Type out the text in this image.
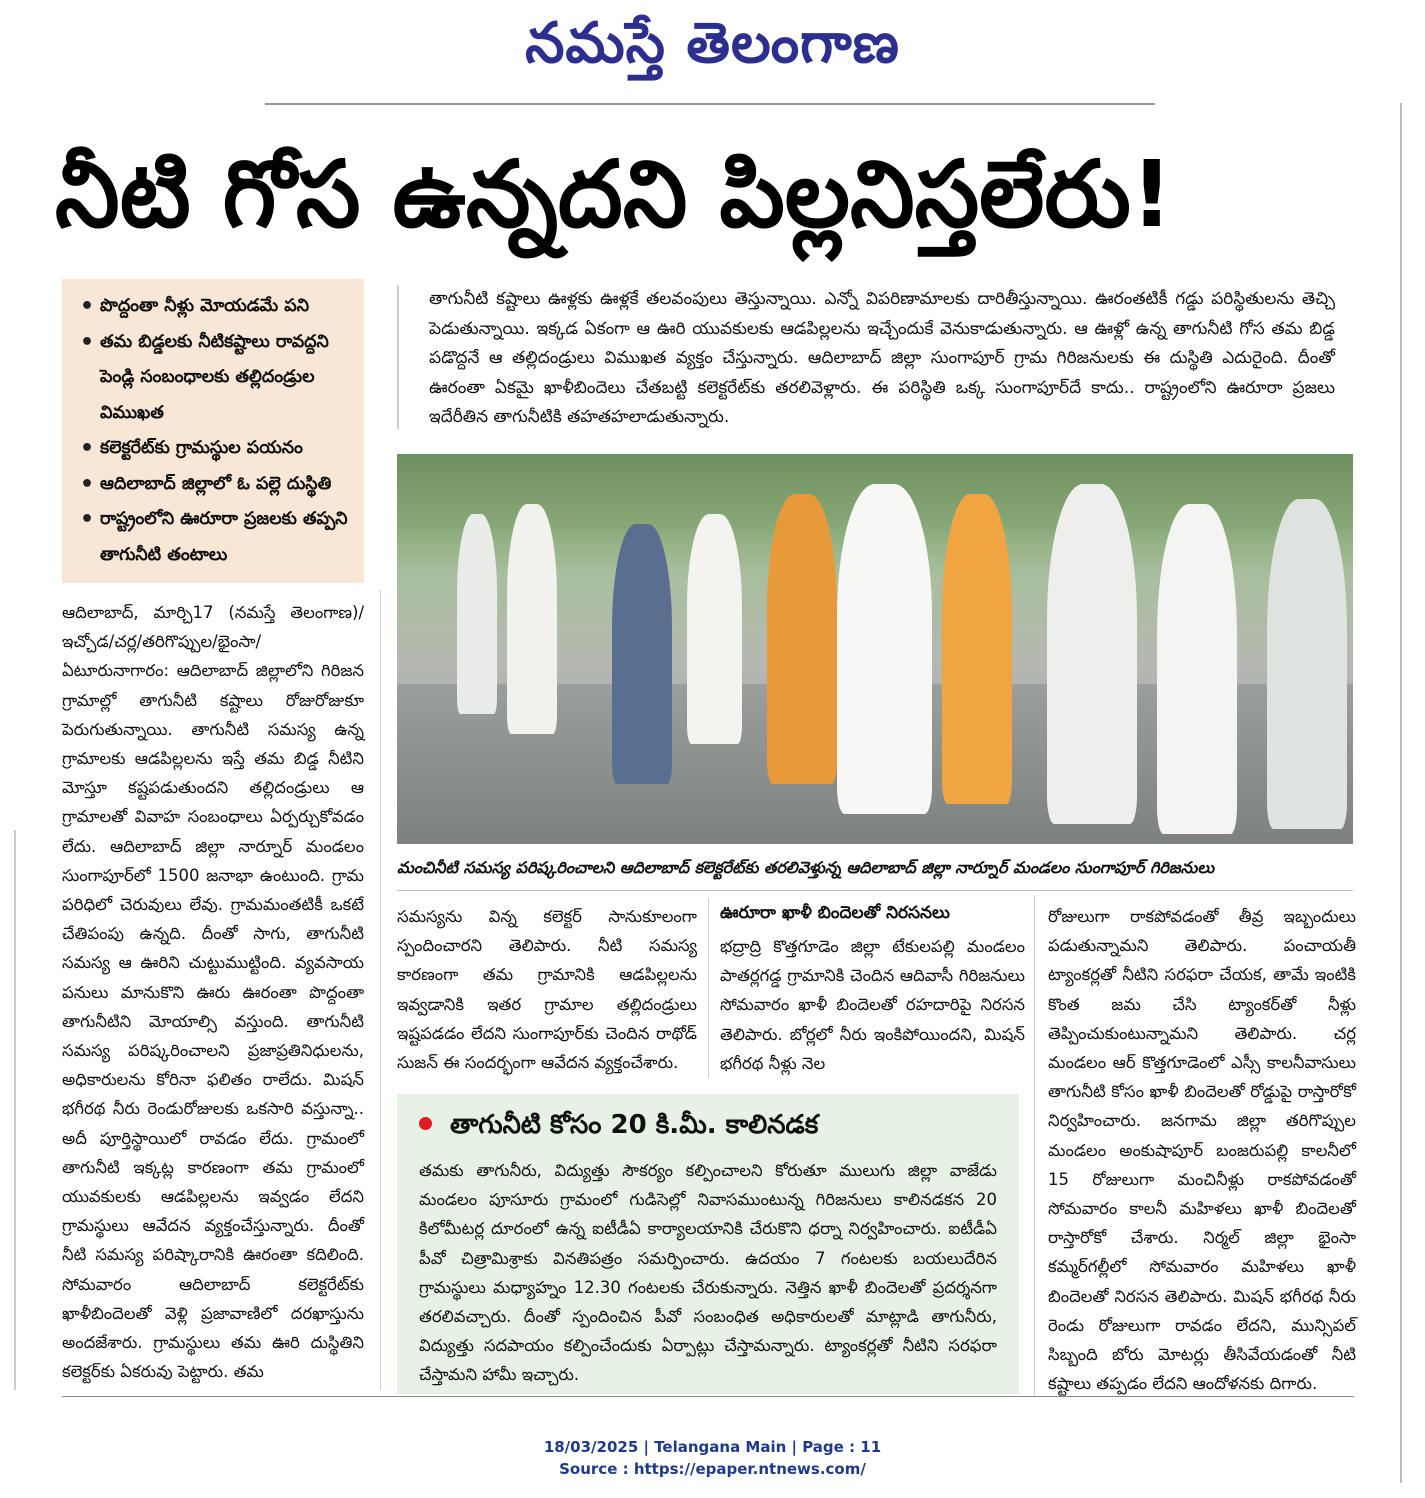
నమస్తే తెలంగాణ
నీటి గోస ఉన్నదని పిల్లనిస్తలేరు!
• పొద్దంతా నీళ్లు మోయడమే పని
• తమ బిడ్డలకు నీటికష్టాలు రావద్దని పెండ్లి సంబంధాలకు తల్లిదండ్రుల విముఖత
• కలెక్టరేట్‌కు గ్రామస్థుల పయనం
• ఆదిలాబాద్ జిల్లాలో ఓ పల్లె దుస్థితి
• రాష్ట్రంలోని ఊరూరా ప్రజలకు తప్పని తాగునీటి తంటాలు

తాగునీటి కష్టాలు ఊళ్లకు ఊళ్లకే తలవంపులు తెస్తున్నాయి. ఎన్నో విపరిణామాలకు దారితీస్తున్నాయి. ఊరంతటికీ గడ్డు పరిస్థితులను తెచ్చి పెడుతున్నాయి. ఇక్కడ ఏకంగా ఆ ఊరి యువకులకు ఆడపిల్లలను ఇచ్చేందుకే వెనుకాడుతున్నారు. ఆ ఊళ్లో ఉన్న తాగునీటి గోస తమ బిడ్డ పడొద్దనే ఆ తల్లిదండ్రులు విముఖత వ్యక్తం చేస్తున్నారు. ఆదిలాబాద్ జిల్లా సుంగాపూర్ గ్రామ గిరిజనులకు ఈ దుస్థితి ఎదురైంది. దీంతో ఊరంతా ఏకమై ఖాళీబిందెలు చేతబట్టి కలెక్టరేట్‌కు తరలివెళ్లారు. ఈ పరిస్థితి ఒక్క సుంగాపూర్‌దే కాదు.. రాష్ట్రంలోని ఊరూరా ప్రజలు ఇదేరీతిన తాగునీటికి తహతహలాడుతున్నారు.

మంచినీటి సమస్య పరిష్కరించాలని ఆదిలాబాద్ కలెక్టరేట్‌కు తరలివెళ్తున్న ఆదిలాబాద్ జిల్లా నార్నూర్ మండలం సుంగాపూర్ గిరిజనులు

ఆదిలాబాద్, మార్చి17 (నమస్తే తెలంగాణ)/ఇచ్చోడ/చర్ల/తరిగొప్పుల/భైంసా/ఏటూరునాగారం: ఆదిలాబాద్ జిల్లాలోని గిరిజన గ్రామాల్లో తాగునీటి కష్టాలు రోజురోజుకూ పెరుగుతున్నాయి. తాగునీటి సమస్య ఉన్న గ్రామాలకు ఆడపిల్లలను ఇస్తే తమ బిడ్డ నీటిని మోస్తూ కష్టపడుతుందని తల్లిదండ్రులు ఆ గ్రామాలతో వివాహ సంబంధాలు ఏర్పర్చుకోవడం లేదు. ఆదిలాబాద్ జిల్లా నార్నూర్ మండలం సుంగాపూర్‌లో 1500 జనాభా ఉంటుంది. గ్రామ పరిధిలో చెరువులు లేవు. గ్రామమంతటికీ ఒకటే చేతిపంపు ఉన్నది. దీంతో సాగు, తాగునీటి సమస్య ఆ ఊరిని చుట్టుముట్టింది. వ్యవసాయ పనులు మానుకొని ఊరు ఊరంతా పొద్దంతా తాగునీటిని మోయాల్సి వస్తుంది. తాగునీటి సమస్య పరిష్కరించాలని ప్రజాప్రతినిధులను, అధికారులను కోరినా ఫలితం రాలేదు. మిషన్ భగీరథ నీరు రెండురోజులకు ఒకసారి వస్తున్నా.. అదీ పూర్తిస్థాయిలో రావడం లేదు. గ్రామంలో తాగునీటి ఇక్కట్ల కారణంగా తమ గ్రామంలో యువకులకు ఆడపిల్లలను ఇవ్వడం లేదని గ్రామస్థులు ఆవేదన వ్యక్తంచేస్తున్నారు. దీంతో నీటి సమస్య పరిష్కారానికి ఊరంతా కదిలింది. సోమవారం ఆదిలాబాద్ కలెక్టరేట్‌కు ఖాళీబిందెలతో వెళ్లి ప్రజావాణిలో దరఖాస్తును అందజేశారు. గ్రామస్థులు తమ ఊరి దుస్థితిని కలెక్టర్‌కు ఏకరువు పెట్టారు. తమ

సమస్యను విన్న కలెక్టర్ సానుకూలంగా స్పందించారని తెలిపారు. నీటి సమస్య కారణంగా తమ గ్రామానికి ఆడపిల్లలను ఇవ్వడానికి ఇతర గ్రామాల తల్లిదండ్రులు ఇష్టపడడం లేదని సుంగాపూర్‌కు చెందిన రాథోడ్ సుజన్ ఈ సందర్భంగా ఆవేదన వ్యక్తంచేశారు.

ఊరూరా ఖాళీ బిందెలతో నిరసనలు

భద్రాద్రి కొత్తగూడెం జిల్లా టేకులపల్లి మండలం పాతర్లగడ్డ గ్రామానికి చెందిన ఆదివాసీ గిరిజనులు సోమవారం ఖాళీ బిందెలతో రహదారిపై నిరసన తెలిపారు. బోర్లలో నీరు ఇంకిపోయిందని, మిషన్ భగీరథ నీళ్లు నెల

రోజులుగా రాకపోవడంతో తీవ్ర ఇబ్బందులు పడుతున్నామని తెలిపారు. పంచాయతీ ట్యాంకర్లతో నీటిని సరఫరా చేయక, తామే ఇంటికి కొంత జమ చేసి ట్యాంకర్‌తో నీళ్లు తెప్పించుకుంటున్నామని తెలిపారు. చర్ల మండలం ఆర్ కొత్తగూడెంలో ఎస్సీ కాలనీవాసులు తాగునీటి కోసం ఖాళీ బిందెలతో రోడ్డుపై రాస్తారోకో నిర్వహించారు. జనగామ జిల్లా తరిగొప్పుల మండలం అంకుషాపూర్ బంజరుపల్లి కాలనీలో 15 రోజులుగా మంచినీళ్లు రాకపోవడంతో సోమవారం కాలనీ మహిళలు ఖాళీ బిందెలతో రాస్తారోకో చేశారు. నిర్మల్ జిల్లా భైంసా కమ్మర్‌గల్లీలో సోమవారం మహిళలు ఖాళీ బిందెలతో నిరసన తెలిపారు. మిషన్ భగీరథ నీరు రెండు రోజులుగా రావడం లేదని, మున్సిపల్ సిబ్బంది బోరు మోటర్లు తీసివేయడంతో నీటి కష్టాలు తప్పడం లేదని ఆందోళనకు దిగారు.

తాగునీటి కోసం 20 కి.మీ. కాలినడక

తమకు తాగునీరు, విద్యుత్తు సౌకర్యం కల్పించాలని కోరుతూ ములుగు జిల్లా వాజేడు మండలం పూసూరు గ్రామంలో గుడిసెల్లో నివాసముంటున్న గిరిజనులు కాలినడకన 20 కిలోమీటర్ల దూరంలో ఉన్న ఐటీడీఏ కార్యాలయానికి చేరుకొని ధర్నా నిర్వహించారు. ఐటీడీఏ పీవో చిత్రామిశ్రాకు వినతిపత్రం సమర్పించారు. ఉదయం 7 గంటలకు బయలుదేరిన గ్రామస్థులు మధ్యాహ్నం 12.30 గంటలకు చేరుకున్నారు. నెత్తిన ఖాళీ బిందెలతో ప్రదర్శనగా తరలివచ్చారు. దీంతో స్పందించిన పీవో సంబంధిత అధికారులతో మాట్లాడి తాగునీరు, విద్యుత్తు సదపాయం కల్పించేందుకు ఏర్పాట్లు చేస్తామన్నారు. ట్యాంకర్లతో నీటిని సరఫరా చేస్తామని హామీ ఇచ్చారు.

18/03/2025 | Telangana Main | Page : 11
Source : https://epaper.ntnews.com/
